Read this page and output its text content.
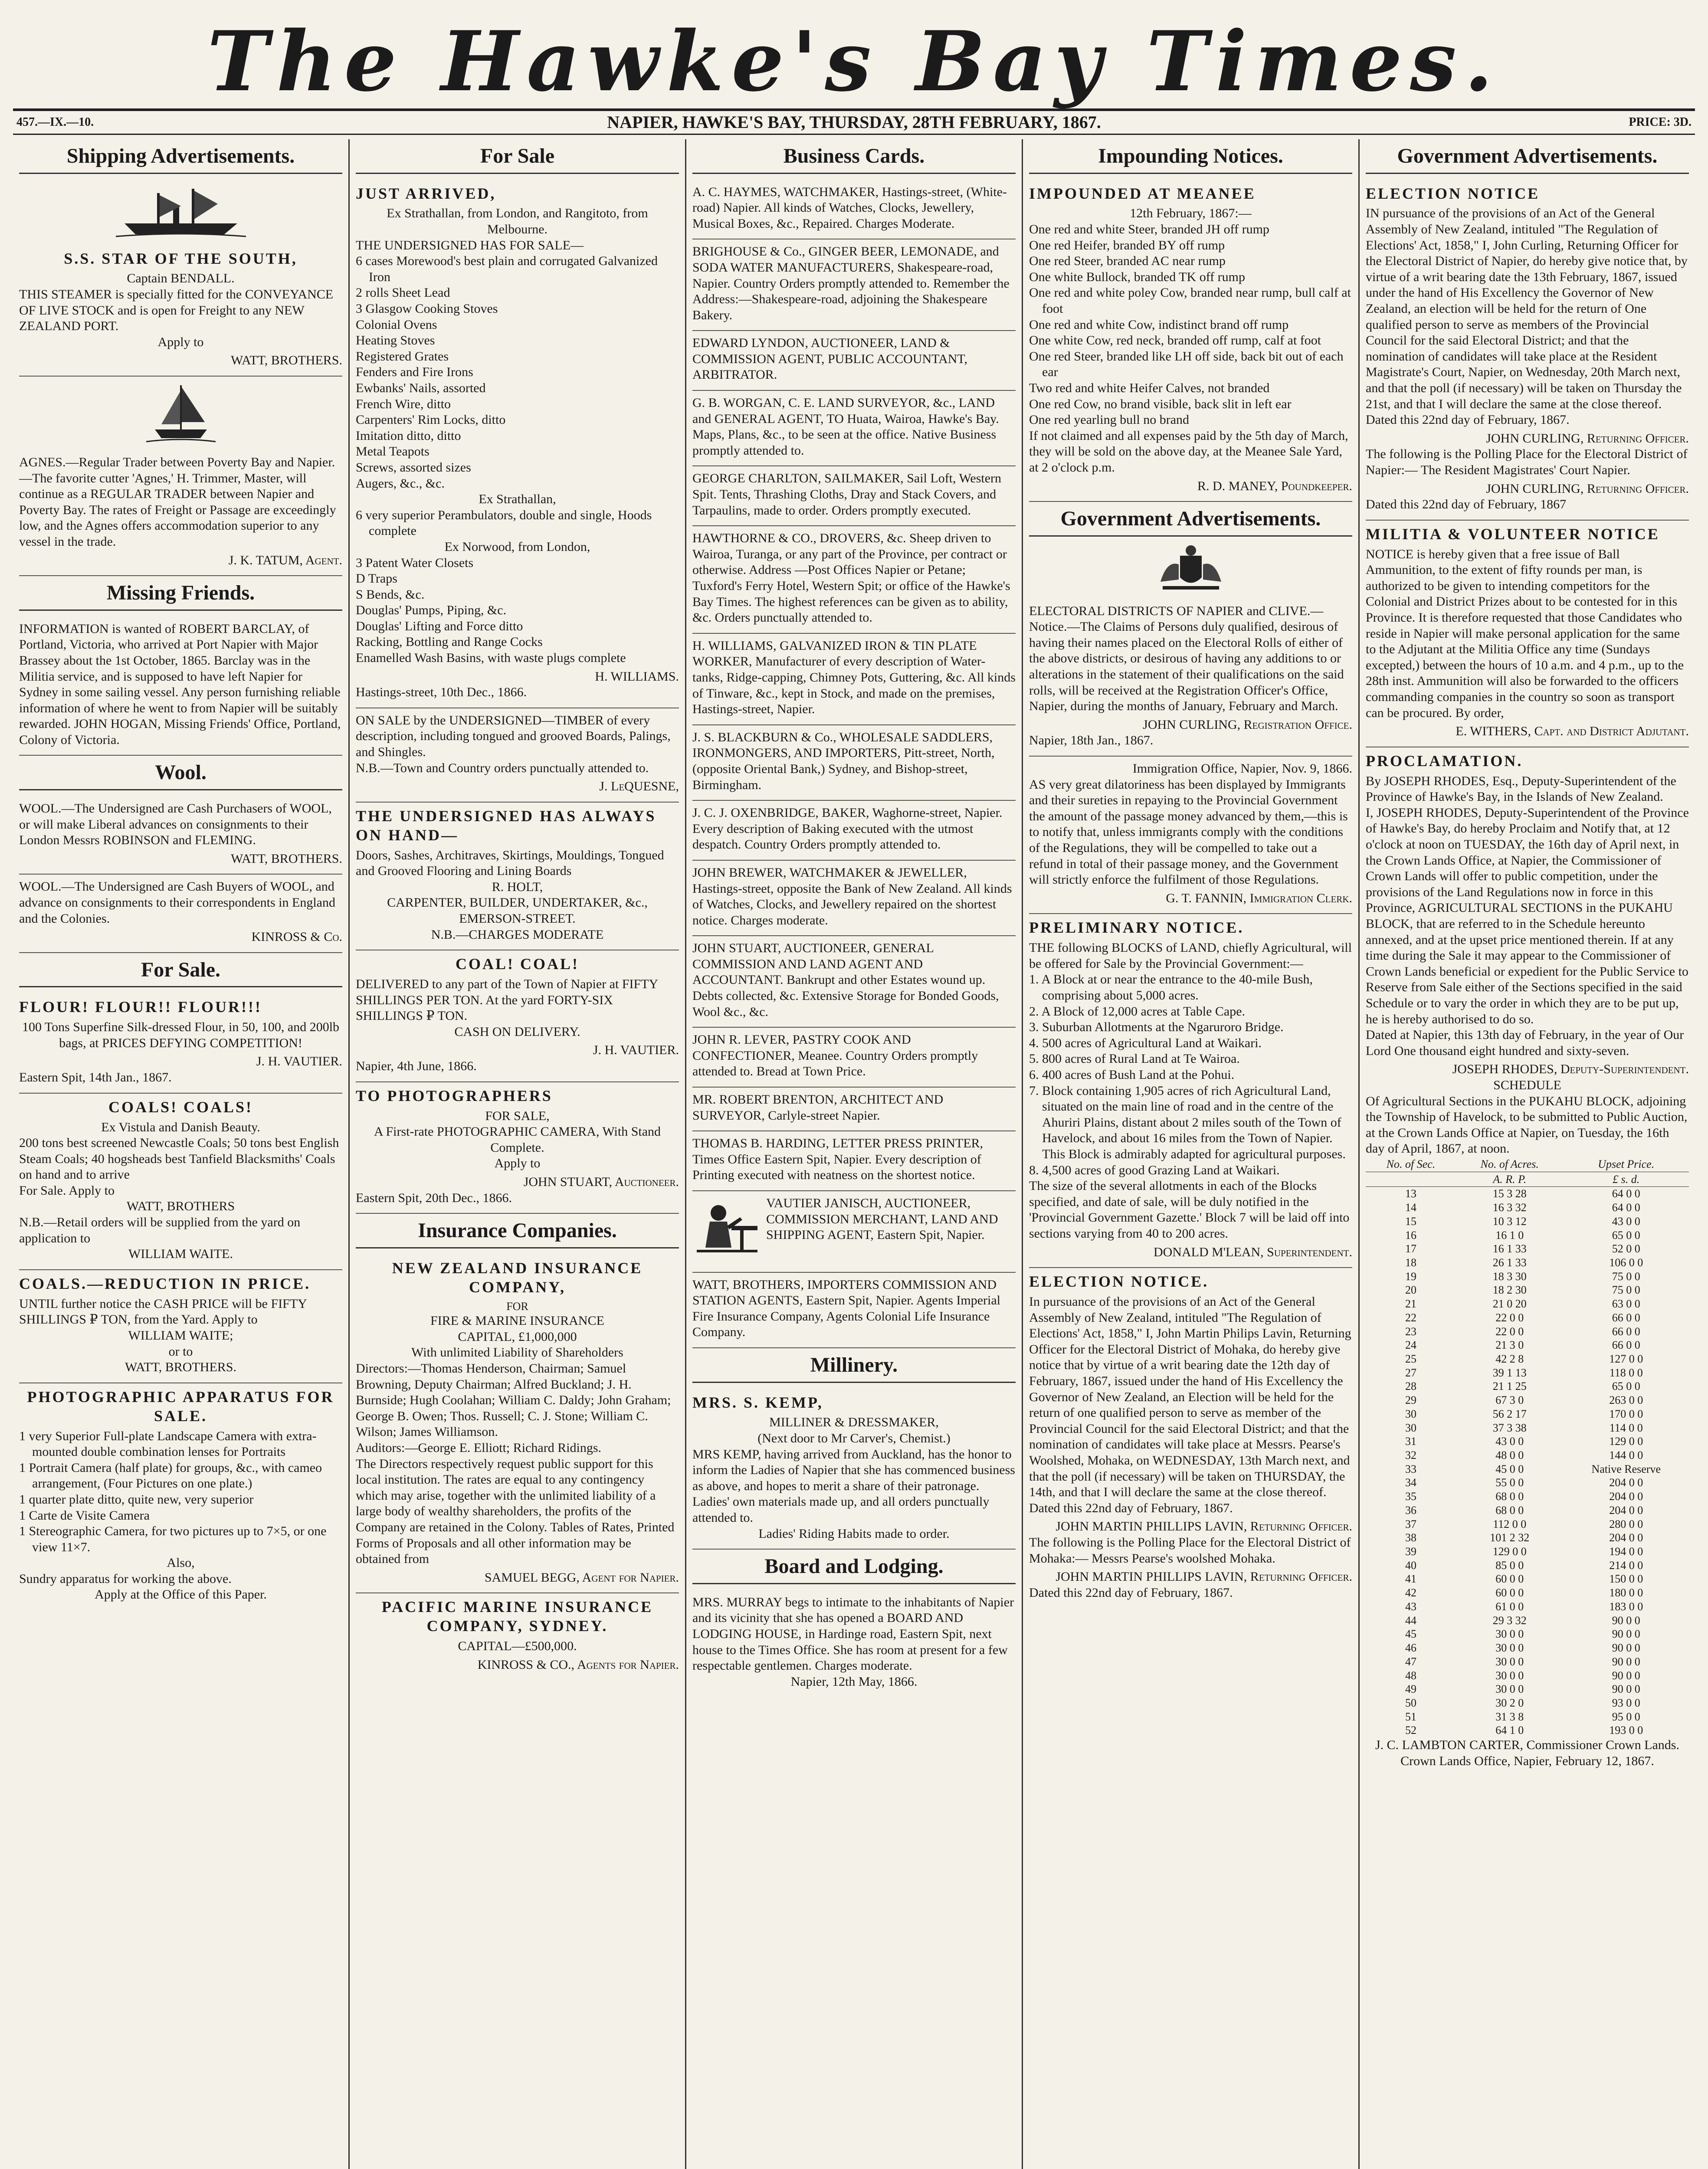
The Hawke's Bay Times.
457.—IX.—10.	NAPIER, HAWKE'S BAY, THURSDAY, 28TH FEBRUARY, 1867.	PRICE: 3D.
Shipping Advertisements.
S.S. STAR OF THE SOUTH,
Captain BENDALL.
THIS STEAMER is specially fitted for the CONVEYANCE OF LIVE STOCK and is open for Freight to any NEW ZEALAND PORT.
Apply to
WATT, BROTHERS.
AGNES.—Regular Trader between Poverty Bay and Napier.—The favorite cutter 'Agnes,' H. Trimmer, Master, will continue as a REGULAR TRADER between Napier and Poverty Bay. The rates of Freight or Passage are exceedingly low, and the Agnes offers accommodation superior to any vessel in the trade.
J. K. TATUM, Agent.
Missing Friends.
INFORMATION is wanted of ROBERT BARCLAY, of Portland, Victoria, who arrived at Port Napier with Major Brassey about the 1st October, 1865. Barclay was in the Militia service, and is supposed to have left Napier for Sydney in some sailing vessel. Any person furnishing reliable information of where he went to from Napier will be suitably rewarded. JOHN HOGAN, Missing Friends' Office, Portland, Colony of Victoria.
Wool.
WOOL.—The Undersigned are Cash Purchasers of WOOL, or will make Liberal advances on consignments to their London Messrs ROBINSON and FLEMING.
WATT, BROTHERS.
WOOL.—The Undersigned are Cash Buyers of WOOL, and advance on consignments to their correspondents in England and the Colonies.
KINROSS & Co.
For Sale.
FLOUR! FLOUR!! FLOUR!!!
100 Tons Superfine Silk-dressed Flour, in 50, 100, and 200lb bags, at PRICES DEFYING COMPETITION!
J. H. VAUTIER.
Eastern Spit, 14th Jan., 1867.
COALS! COALS!
Ex Vistula and Danish Beauty.
200 tons best screened Newcastle Coals; 50 tons best English Steam Coals; 40 hogsheads best Tanfield Blacksmiths' Coals on hand and to arrive
For Sale. Apply to
WATT, BROTHERS
N.B.—Retail orders will be supplied from the yard on application to
WILLIAM WAITE.
COALS.—REDUCTION IN PRICE.
UNTIL further notice the CASH PRICE will be FIFTY SHILLINGS ₽ TON, from the Yard. Apply to
WILLIAM WAITE;
or to
WATT, BROTHERS.
PHOTOGRAPHIC APPARATUS FOR SALE.
1 very Superior Full-plate Landscape Camera with extra-mounted double combination lenses for Portraits
1 Portrait Camera (half plate) for groups, &c., with cameo arrangement, (Four Pictures on one plate.)
1 quarter plate ditto, quite new, very superior
1 Carte de Visite Camera
1 Stereographic Camera, for two pictures up to 7×5, or one view 11×7.
Also,
Sundry apparatus for working the above.
Apply at the Office of this Paper.
For Sale
JUST ARRIVED,
Ex Strathallan, from London, and Rangitoto, from Melbourne.
THE UNDERSIGNED HAS FOR SALE—
6 cases Morewood's best plain and corrugated Galvanized Iron
2 rolls Sheet Lead
3 Glasgow Cooking Stoves
Colonial Ovens
Heating Stoves
Registered Grates
Fenders and Fire Irons
Ewbanks' Nails, assorted
French Wire, ditto
Carpenters' Rim Locks, ditto
Imitation ditto, ditto
Metal Teapots
Screws, assorted sizes
Augers, &c., &c.
Ex Strathallan,
6 very superior Perambulators, double and single, Hoods complete
Ex Norwood, from London,
3 Patent Water Closets
D Traps
S Bends, &c.
Douglas' Pumps, Piping, &c.
Douglas' Lifting and Force ditto
Racking, Bottling and Range Cocks
Enamelled Wash Basins, with waste plugs complete
H. WILLIAMS.
Hastings-street, 10th Dec., 1866.
ON SALE by the UNDERSIGNED—TIMBER of every description, including tongued and grooved Boards, Palings, and Shingles.
N.B.—Town and Country orders punctually attended to.
J. LeQUESNE,
THE UNDERSIGNED HAS ALWAYS ON HAND—
Doors, Sashes, Architraves, Skirtings, Mouldings, Tongued and Grooved Flooring and Lining Boards
R. HOLT,
CARPENTER, BUILDER, UNDERTAKER, &c., EMERSON-STREET.
N.B.—CHARGES MODERATE
COAL! COAL!
DELIVERED to any part of the Town of Napier at FIFTY SHILLINGS PER TON. At the yard FORTY-SIX SHILLINGS ₽ TON.
CASH ON DELIVERY.
J. H. VAUTIER.
Napier, 4th June, 1866.
TO PHOTOGRAPHERS
FOR SALE,
A First-rate PHOTOGRAPHIC CAMERA, With Stand Complete.
Apply to
JOHN STUART, Auctioneer.
Eastern Spit, 20th Dec., 1866.
Insurance Companies.
NEW ZEALAND INSURANCE COMPANY,
FOR
FIRE & MARINE INSURANCE
CAPITAL, £1,000,000
With unlimited Liability of Shareholders
Directors:—Thomas Henderson, Chairman; Samuel Browning, Deputy Chairman; Alfred Buckland; J. H. Burnside; Hugh Coolahan; William C. Daldy; John Graham; George B. Owen; Thos. Russell; C. J. Stone; William C. Wilson; James Williamson.
Auditors:—George E. Elliott; Richard Ridings.
The Directors respectively request public support for this local institution. The rates are equal to any contingency which may arise, together with the unlimited liability of a large body of wealthy shareholders, the profits of the Company are retained in the Colony. Tables of Rates, Printed Forms of Proposals and all other information may be obtained from
SAMUEL BEGG, Agent for Napier.
PACIFIC MARINE INSURANCE COMPANY, SYDNEY.
CAPITAL—£500,000.
KINROSS & CO., Agents for Napier.
Business Cards.
A. C. HAYMES, WATCHMAKER, Hastings-street, (White-road) Napier. All kinds of Watches, Clocks, Jewellery, Musical Boxes, &c., Repaired. Charges Moderate.
BRIGHOUSE & Co., GINGER BEER, LEMONADE, and SODA WATER MANUFACTURERS, Shakespeare-road, Napier. Country Orders promptly attended to. Remember the Address:—Shakespeare-road, adjoining the Shakespeare Bakery.
EDWARD LYNDON, AUCTIONEER, LAND & COMMISSION AGENT, PUBLIC ACCOUNTANT, ARBITRATOR.
G. B. WORGAN, C. E. LAND SURVEYOR, &c., LAND and GENERAL AGENT, TO Huata, Wairoa, Hawke's Bay. Maps, Plans, &c., to be seen at the office. Native Business promptly attended to.
GEORGE CHARLTON, SAILMAKER, Sail Loft, Western Spit. Tents, Thrashing Cloths, Dray and Stack Covers, and Tarpaulins, made to order. Orders promptly executed.
HAWTHORNE & CO., DROVERS, &c. Sheep driven to Wairoa, Turanga, or any part of the Province, per contract or otherwise. Address —Post Offices Napier or Petane; Tuxford's Ferry Hotel, Western Spit; or office of the Hawke's Bay Times. The highest references can be given as to ability, &c. Orders punctually attended to.
H. WILLIAMS, GALVANIZED IRON & TIN PLATE WORKER, Manufacturer of every description of Water-tanks, Ridge-capping, Chimney Pots, Guttering, &c. All kinds of Tinware, &c., kept in Stock, and made on the premises, Hastings-street, Napier.
J. S. BLACKBURN & Co., WHOLESALE SADDLERS, IRONMONGERS, AND IMPORTERS, Pitt-street, North, (opposite Oriental Bank,) Sydney, and Bishop-street, Birmingham.
J. C. J. OXENBRIDGE, BAKER, Waghorne-street, Napier. Every description of Baking executed with the utmost despatch. Country Orders promptly attended to.
JOHN BREWER, WATCHMAKER & JEWELLER, Hastings-street, opposite the Bank of New Zealand. All kinds of Watches, Clocks, and Jewellery repaired on the shortest notice. Charges moderate.
JOHN STUART, AUCTIONEER, GENERAL COMMISSION AND LAND AGENT AND ACCOUNTANT. Bankrupt and other Estates wound up. Debts collected, &c. Extensive Storage for Bonded Goods, Wool &c., &c.
JOHN R. LEVER, PASTRY COOK AND CONFECTIONER, Meanee. Country Orders promptly attended to. Bread at Town Price.
MR. ROBERT BRENTON, ARCHITECT AND SURVEYOR, Carlyle-street Napier.
THOMAS B. HARDING, LETTER PRESS PRINTER, Times Office Eastern Spit, Napier. Every description of Printing executed with neatness on the shortest notice.
VAUTIER JANISCH, AUCTIONEER, COMMISSION MERCHANT, LAND AND SHIPPING AGENT, Eastern Spit, Napier.
WATT, BROTHERS, IMPORTERS COMMISSION AND STATION AGENTS, Eastern Spit, Napier. Agents Imperial Fire Insurance Company, Agents Colonial Life Insurance Company.
Millinery.
MRS. S. KEMP,
MILLINER & DRESSMAKER,
(Next door to Mr Carver's, Chemist.)
MRS KEMP, having arrived from Auckland, has the honor to inform the Ladies of Napier that she has commenced business as above, and hopes to merit a share of their patronage.
Ladies' own materials made up, and all orders punctually attended to.
Ladies' Riding Habits made to order.
Board and Lodging.
MRS. MURRAY begs to intimate to the inhabitants of Napier and its vicinity that she has opened a BOARD AND LODGING HOUSE, in Hardinge road, Eastern Spit, next house to the Times Office. She has room at present for a few respectable gentlemen. Charges moderate.
Napier, 12th May, 1866.
Impounding Notices.
IMPOUNDED AT MEANEE
12th February, 1867:—
One red and white Steer, branded JH off rump
One red Heifer, branded BY off rump
One red Steer, branded AC near rump
One white Bullock, branded TK off rump
One red and white poley Cow, branded near rump, bull calf at foot
One red and white Cow, indistinct brand off rump
One white Cow, red neck, branded off rump, calf at foot
One red Steer, branded like LH off side, back bit out of each ear
Two red and white Heifer Calves, not branded
One red Cow, no brand visible, back slit in left ear
One red yearling bull no brand
If not claimed and all expenses paid by the 5th day of March, they will be sold on the above day, at the Meanee Sale Yard, at 2 o'clock p.m.
R. D. MANEY, Poundkeeper.
Government Advertisements.
ELECTORAL DISTRICTS OF NAPIER and CLIVE.—Notice.—The Claims of Persons duly qualified, desirous of having their names placed on the Electoral Rolls of either of the above districts, or desirous of having any additions to or alterations in the statement of their qualifications on the said rolls, will be received at the Registration Officer's Office, Napier, during the months of January, February and March.
JOHN CURLING, Registration Office.
Napier, 18th Jan., 1867.
Immigration Office, Napier, Nov. 9, 1866.
AS very great dilatoriness has been displayed by Immigrants and their sureties in repaying to the Provincial Government the amount of the passage money advanced by them,—this is to notify that, unless immigrants comply with the conditions of the Regulations, they will be compelled to take out a refund in total of their passage money, and the Government will strictly enforce the fulfilment of those Regulations.
G. T. FANNIN, Immigration Clerk.
PRELIMINARY NOTICE.
THE following BLOCKS of LAND, chiefly Agricultural, will be offered for Sale by the Provincial Government:—
1. A Block at or near the entrance to the 40-mile Bush, comprising about 5,000 acres.
2. A Block of 12,000 acres at Table Cape.
3. Suburban Allotments at the Ngaruroro Bridge.
4. 500 acres of Agricultural Land at Waikari.
5. 800 acres of Rural Land at Te Wairoa.
6. 400 acres of Bush Land at the Pohui.
7. Block containing 1,905 acres of rich Agricultural Land, situated on the main line of road and in the centre of the Ahuriri Plains, distant about 2 miles south of the Town of Havelock, and about 16 miles from the Town of Napier. This Block is admirably adapted for agricultural purposes.
8. 4,500 acres of good Grazing Land at Waikari.
The size of the several allotments in each of the Blocks specified, and date of sale, will be duly notified in the 'Provincial Government Gazette.' Block 7 will be laid off into sections varying from 40 to 200 acres.
DONALD M'LEAN, Superintendent.
ELECTION NOTICE.
In pursuance of the provisions of an Act of the General Assembly of New Zealand, intituled "The Regulation of Elections' Act, 1858," I, John Martin Philips Lavin, Returning Officer for the Electoral District of Mohaka, do hereby give notice that by virtue of a writ bearing date the 12th day of February, 1867, issued under the hand of His Excellency the Governor of New Zealand, an Election will be held for the return of one qualified person to serve as member of the Provincial Council for the said Electoral District; and that the nomination of candidates will take place at Messrs. Pearse's Woolshed, Mohaka, on WEDNESDAY, 13th March next, and that the poll (if necessary) will be taken on THURSDAY, the 14th, and that I will declare the same at the close thereof. Dated this 22nd day of February, 1867.
JOHN MARTIN PHILLIPS LAVIN, Returning Officer.
The following is the Polling Place for the Electoral District of Mohaka:— Messrs Pearse's woolshed Mohaka.
JOHN MARTIN PHILLIPS LAVIN, Returning Officer.
Dated this 22nd day of February, 1867.
Government Advertisements.
ELECTION NOTICE
IN pursuance of the provisions of an Act of the General Assembly of New Zealand, intituled "The Regulation of Elections' Act, 1858," I, John Curling, Returning Officer for the Electoral District of Napier, do hereby give notice that, by virtue of a writ bearing date the 13th February, 1867, issued under the hand of His Excellency the Governor of New Zealand, an election will be held for the return of One qualified person to serve as members of the Provincial Council for the said Electoral District; and that the nomination of candidates will take place at the Resident Magistrate's Court, Napier, on Wednesday, 20th March next, and that the poll (if necessary) will be taken on Thursday the 21st, and that I will declare the same at the close thereof. Dated this 22nd day of February, 1867.
JOHN CURLING, Returning Officer.
The following is the Polling Place for the Electoral District of Napier:— The Resident Magistrates' Court Napier.
JOHN CURLING, Returning Officer.
Dated this 22nd day of February, 1867
MILITIA & VOLUNTEER NOTICE
NOTICE is hereby given that a free issue of Ball Ammunition, to the extent of fifty rounds per man, is authorized to be given to intending competitors for the Colonial and District Prizes about to be contested for in this Province. It is therefore requested that those Candidates who reside in Napier will make personal application for the same to the Adjutant at the Militia Office any time (Sundays excepted,) between the hours of 10 a.m. and 4 p.m., up to the 28th inst. Ammunition will also be forwarded to the officers commanding companies in the country so soon as transport can be procured. By order,
E. WITHERS, Capt. and District Adjutant.
PROCLAMATION.
By JOSEPH RHODES, Esq., Deputy-Superintendent of the Province of Hawke's Bay, in the Islands of New Zealand.
I, JOSEPH RHODES, Deputy-Superintendent of the Province of Hawke's Bay, do hereby Proclaim and Notify that, at 12 o'clock at noon on TUESDAY, the 16th day of April next, in the Crown Lands Office, at Napier, the Commissioner of Crown Lands will offer to public competition, under the provisions of the Land Regulations now in force in this Province, AGRICULTURAL SECTIONS in the PUKAHU BLOCK, that are referred to in the Schedule hereunto annexed, and at the upset price mentioned therein. If at any time during the Sale it may appear to the Commissioner of Crown Lands beneficial or expedient for the Public Service to Reserve from Sale either of the Sections specified in the said Schedule or to vary the order in which they are to be put up, he is hereby authorised to do so.
Dated at Napier, this 13th day of February, in the year of Our Lord One thousand eight hundred and sixty-seven.
JOSEPH RHODES, Deputy-Superintendent.
SCHEDULE
Of Agricultural Sections in the PUKAHU BLOCK, adjoining the Township of Havelock, to be submitted to Public Auction, at the Crown Lands Office at Napier, on Tuesday, the 16th day of April, 1867, at noon.
No. of Sec.	No. of Acres.	Upset Price.
	A. R. P.	£ s. d.
13	15 3 28	64 0 0
14	16 3 32	64 0 0
15	10 3 12	43 0 0
16	16 1 0	65 0 0
17	16 1 33	52 0 0
18	26 1 33	106 0 0
19	18 3 30	75 0 0
20	18 2 30	75 0 0
21	21 0 20	63 0 0
22	22 0 0	66 0 0
23	22 0 0	66 0 0
24	21 3 0	66 0 0
25	42 2 8	127 0 0
27	39 1 13	118 0 0
28	21 1 25	65 0 0
29	67 3 0	263 0 0
30	56 2 17	170 0 0
30	37 3 38	114 0 0
31	43 0 0	129 0 0
32	48 0 0	144 0 0
33	45 0 0	Native Reserve
34	55 0 0	204 0 0
35	68 0 0	204 0 0
36	68 0 0	204 0 0
37	112 0 0	280 0 0
38	101 2 32	204 0 0
39	129 0 0	194 0 0
40	85 0 0	214 0 0
41	60 0 0	150 0 0
42	60 0 0	180 0 0
43	61 0 0	183 0 0
44	29 3 32	90 0 0
45	30 0 0	90 0 0
46	30 0 0	90 0 0
47	30 0 0	90 0 0
48	30 0 0	90 0 0
49	30 0 0	90 0 0
50	30 2 0	93 0 0
51	31 3 8	95 0 0
52	64 1 0	193 0 0
J. C. LAMBTON CARTER, Commissioner Crown Lands.
Crown Lands Office, Napier, February 12, 1867.
